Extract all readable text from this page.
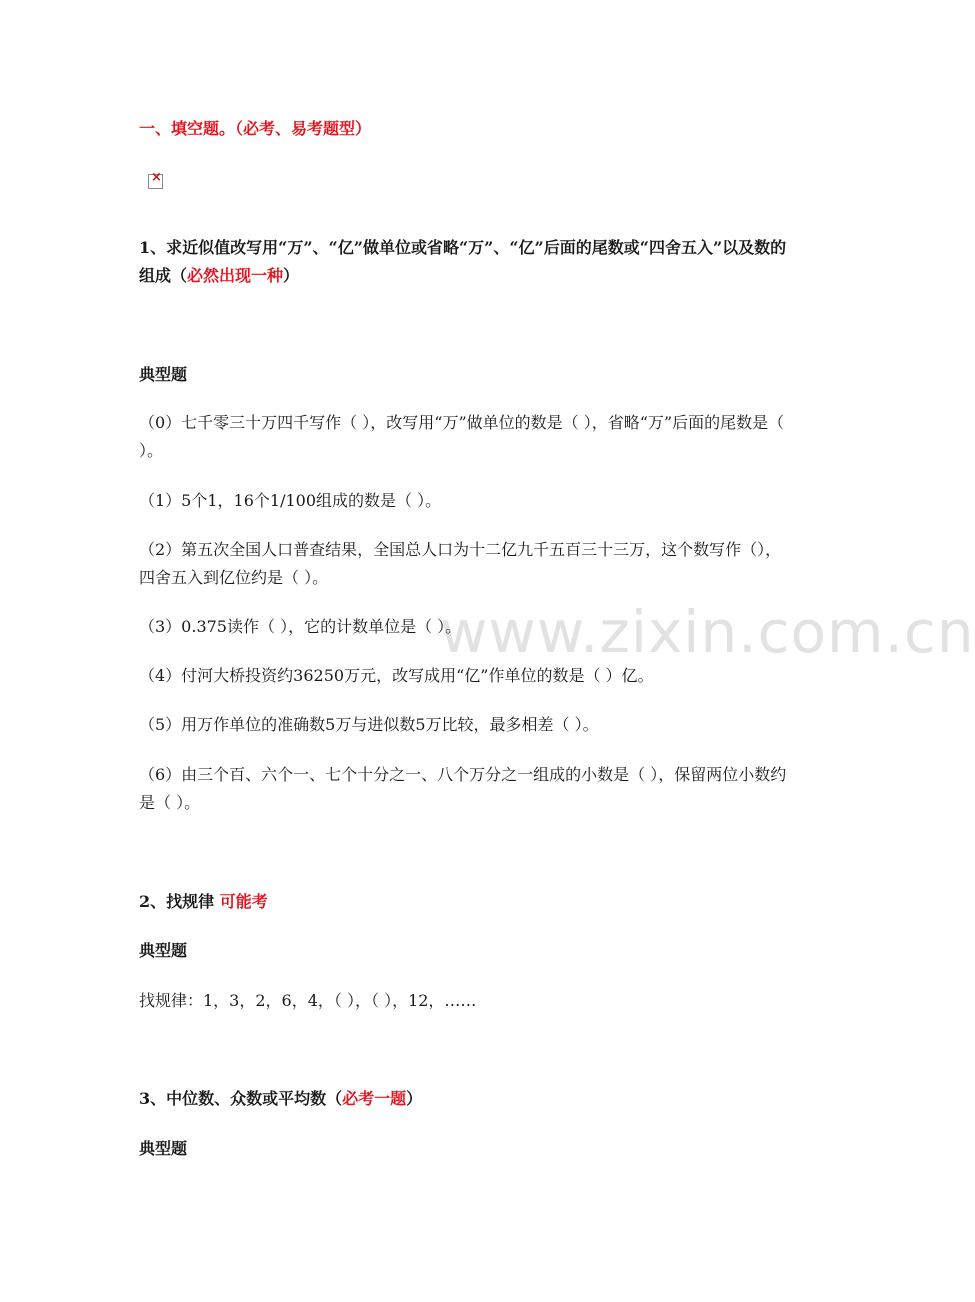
www.zixin.com.cn
一、填空题。（必考、易考题型）
×
1、求近似值改写用“万”、“亿”做单位或省略“万”、“亿”后面的尾数或“四舍五入”以及数的组成（必然出现一种）
典型题
（0）七千零三十万四千写作（ ），改写用“万”做单位的数是（ ），省略“万”后面的尾数是（ ）。
（1）5个1，16个1/100组成的数是（ ）。
（2）第五次全国人口普查结果，全国总人口为十二亿九千五百三十三万，这个数写作（），四舍五入到亿位约是（ ）。
（3）0.375读作（ ），它的计数单位是（ ）。
（4）付河大桥投资约36250万元，改写成用“亿”作单位的数是（ ）亿。
（5）用万作单位的准确数5万与进似数5万比较，最多相差（ ）。
（6）由三个百、六个一、七个十分之一、八个万分之一组成的小数是（ ），保留两位小数约是（ ）。
2、找规律 可能考
典型题
找规律：1，3，2，6，4，（ ），（ ），12，……
3、中位数、众数或平均数（必考一题）
典型题
